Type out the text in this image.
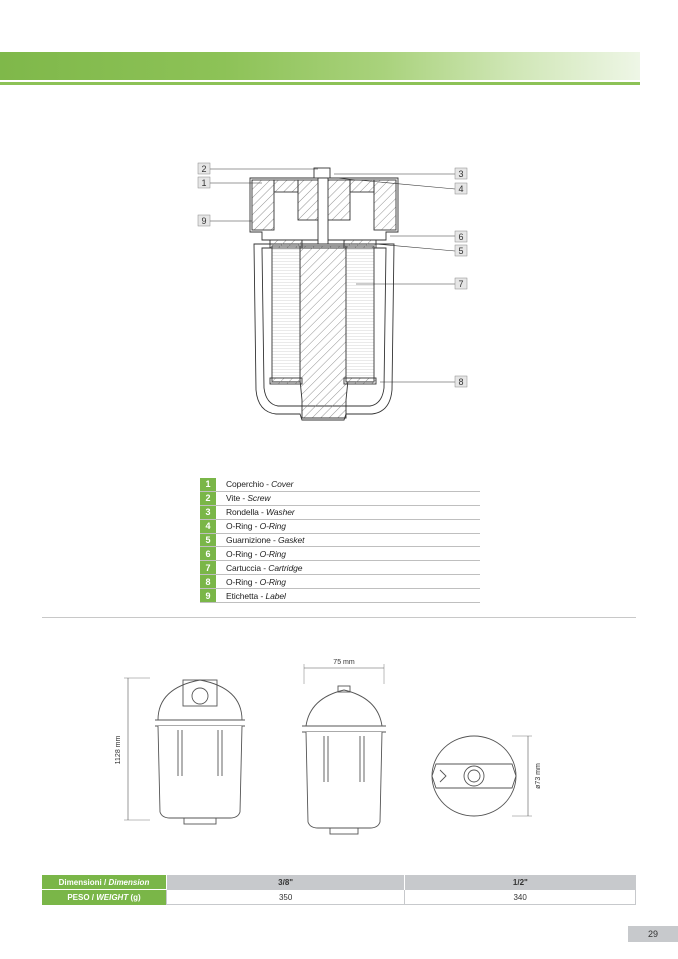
2
1
9
3
4
6
5
7
8
1	Coperchio - Cover
2	Vite - Screw
3	Rondella - Washer
4	O-Ring - O-Ring
5	Guarnizione - Gasket
6	O-Ring - O-Ring
7	Cartuccia - Cartridge
8	O-Ring - O-Ring
9	Etichetta - Label
1128 mm
75 mm
ø73 mm
Dimensioni / Dimension	3/8"	1/2"
PESO / WEIGHT (g)	350	340
29
